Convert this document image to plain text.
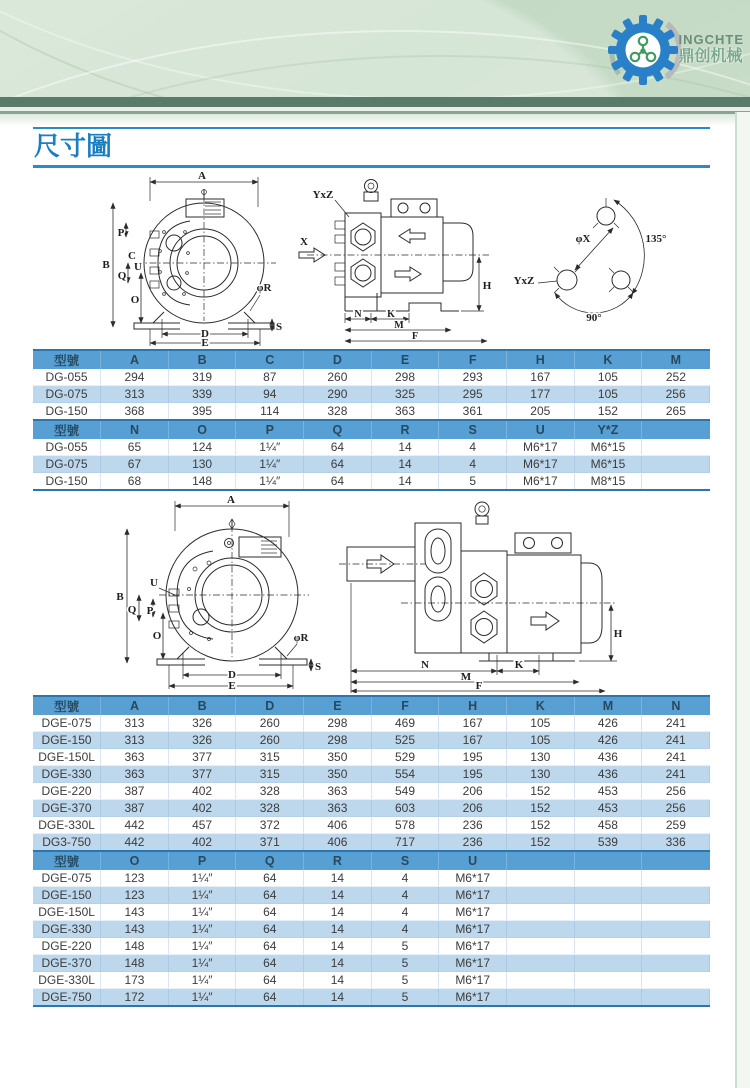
INGCHTE
鼎创机械
尺寸圖
A
B
P
C
U
Q
O
D
E
φR
S
YxZ
X
H
N	K
M
F
135°
φX
90°
YxZ
型號	A	B	C	D	E	F	H	K	M
DG-055	294	319	87	260	298	293	167	105	252
DG-075	313	339	94	290	325	295	177	105	256
DG-150	368	395	114	328	363	361	205	152	265
型號	N	O	P	Q	R	S	U	Y*Z	
DG-055	65	124	1¼″	64	14	4	M6*17	M6*15	
DG-075	67	130	1¼″	64	14	4	M6*17	M6*15	
DG-150	68	148	1¼″	64	14	5	M6*17	M8*15	
A
B
U
Q P
O
D
E
φR
S
H
N	K
M
F
型號	A	B	D	E	F	H	K	M	N
DGE-075	313	326	260	298	469	167	105	426	241
DGE-150	313	326	260	298	525	167	105	426	241
DGE-150L	363	377	315	350	529	195	130	436	241
DGE-330	363	377	315	350	554	195	130	436	241
DGE-220	387	402	328	363	549	206	152	453	256
DGE-370	387	402	328	363	603	206	152	453	256
DGE-330L	442	457	372	406	578	236	152	458	259
DG3-750	442	402	371	406	717	236	152	539	336
型號	O	P	Q	R	S	U			
DGE-075	123	1¼″	64	14	4	M6*17			
DGE-150	123	1¼″	64	14	4	M6*17			
DGE-150L	143	1¼″	64	14	4	M6*17			
DGE-330	143	1¼″	64	14	4	M6*17			
DGE-220	148	1¼″	64	14	5	M6*17			
DGE-370	148	1¼″	64	14	5	M6*17			
DGE-330L	173	1¼″	64	14	5	M6*17			
DGE-750	172	1¼″	64	14	5	M6*17			
